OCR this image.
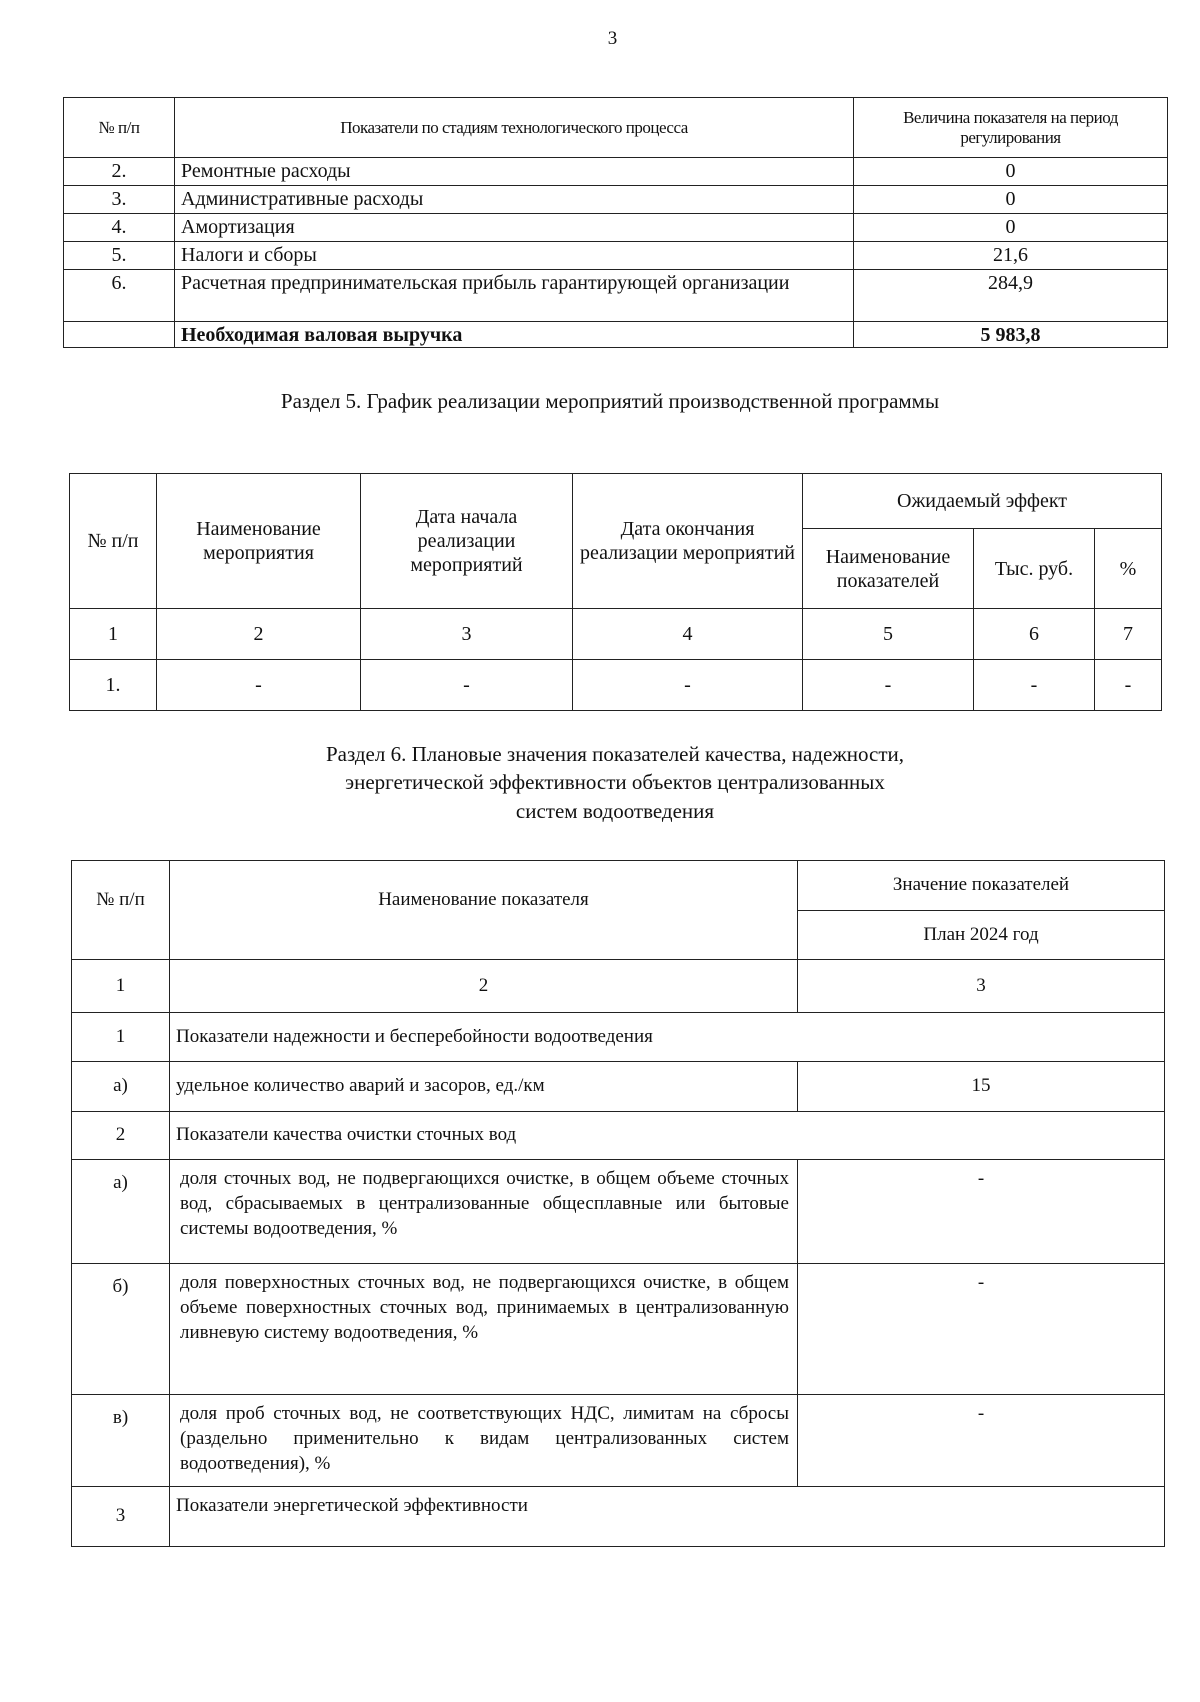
3
№ п/п	Показатели по стадиям технологического процесса	Величина показателя на период регулирования
2.	Ремонтные расходы	0
3.	Административные расходы	0
4.	Амортизация	0
5.	Налоги и сборы	21,6
6.	Расчетная предпринимательская прибыль гарантирующей организации	284,9
	Необходимая валовая выручка	5 983,8
Раздел 5. График реализации мероприятий производственной программы
№ п/п	Наименование мероприятия	Дата начала реализации мероприятий	Дата окончания реализации мероприятий	Ожидаемый эффект		
				Наименование показателей	Тыс. руб.	%
1	2	3	4	5	6	7
1.	-	-	-	-	-	-
Раздел 6. Плановые значения показателей качества, надежности, энергетической эффективности объектов централизованных систем водоотведения
№ п/п	Наименование показателя	Значение показателей
		План 2024 год
1	2	3
1	Показатели надежности и бесперебойности водоотведения	
а)	удельное количество аварий и засоров, ед./км	15
2	Показатели качества очистки сточных вод	
а)	доля сточных вод, не подвергающихся очистке, в общем объеме сточных вод, сбрасываемых в централизованные общесплавные или бытовые системы водоотведения, %	-
б)	доля поверхностных сточных вод, не подвергающихся очистке, в общем объеме поверхностных сточных вод, принимаемых в централизованную ливневую систему водоотведения, %	-
в)	доля проб сточных вод, не соответствующих НДС, лимитам на сбросы (раздельно применительно к видам централизованных систем водоотведения), %	-
3	Показатели энергетической эффективности	
